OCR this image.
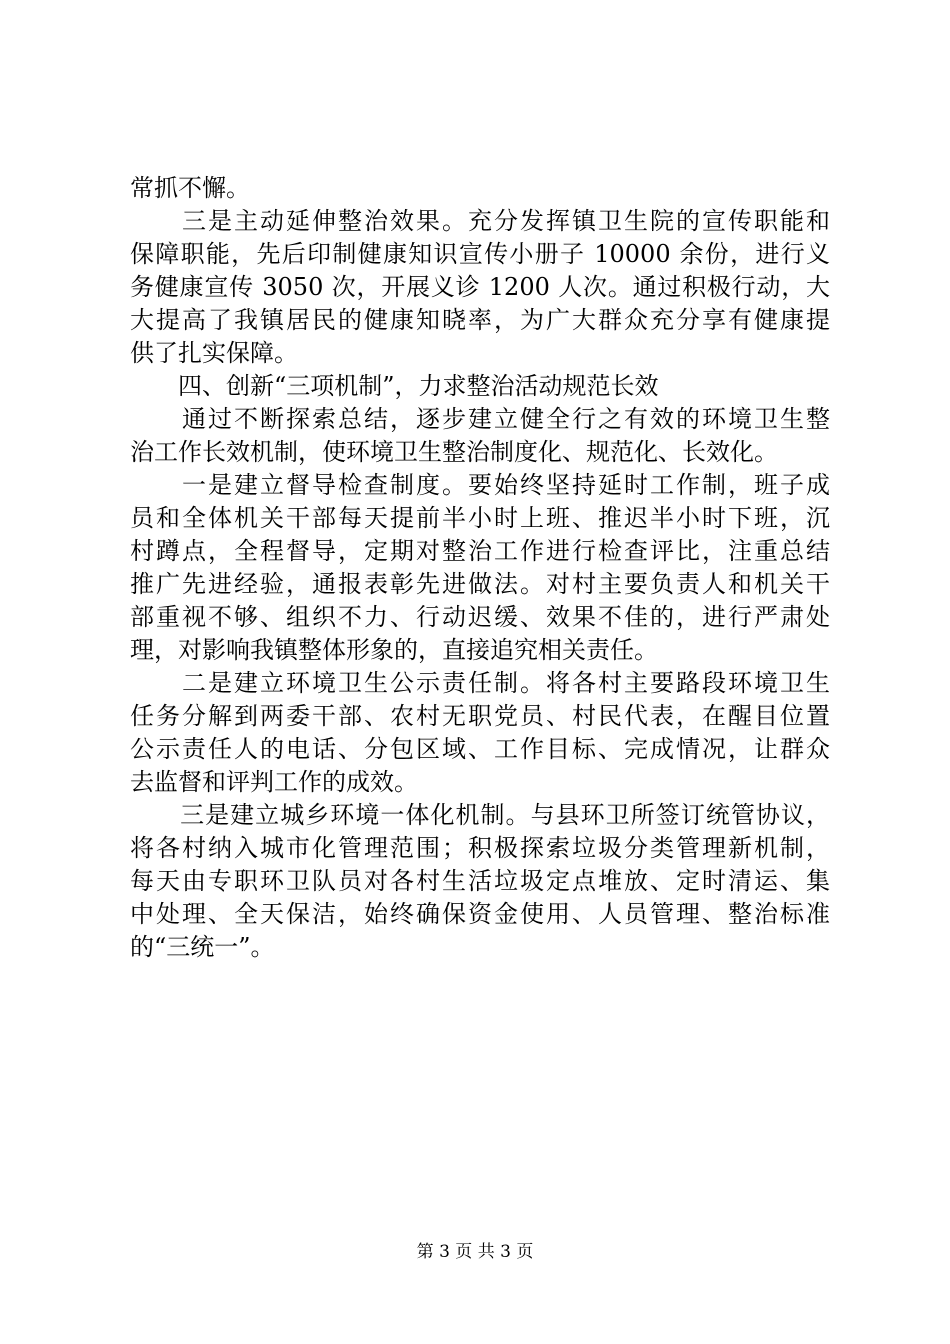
常抓不懈。
　　三是主动延伸整治效果。充分发挥镇卫生院的宣传职能和
保障职能，先后印制健康知识宣传小册子 10000 余份，进行义
务健康宣传 3050 次，开展义诊 1200 人次。通过积极行动，大
大提高了我镇居民的健康知晓率，为广大群众充分享有健康提
供了扎实保障。
　　四、创新“三项机制”，力求整治活动规范长效
　　通过不断探索总结，逐步建立健全行之有效的环境卫生整
治工作长效机制，使环境卫生整治制度化、规范化、长效化。
　　一是建立督导检查制度。要始终坚持延时工作制，班子成
员和全体机关干部每天提前半小时上班、推迟半小时下班，沉
村蹲点，全程督导，定期对整治工作进行检查评比，注重总结
推广先进经验，通报表彰先进做法。对村主要负责人和机关干
部重视不够、组织不力、行动迟缓、效果不佳的，进行严肃处
理，对影响我镇整体形象的，直接追究相关责任。
　　二是建立环境卫生公示责任制。将各村主要路段环境卫生
任务分解到两委干部、农村无职党员、村民代表，在醒目位置
公示责任人的电话、分包区域、工作目标、完成情况，让群众
去监督和评判工作的成效。
　　三是建立城乡环境一体化机制。与县环卫所签订统管协议，
将各村纳入城市化管理范围；积极探索垃圾分类管理新机制，
每天由专职环卫队员对各村生活垃圾定点堆放、定时清运、集
中处理、全天保洁，始终确保资金使用、人员管理、整治标准
的“三统一”。
第 3 页 共 3 页
